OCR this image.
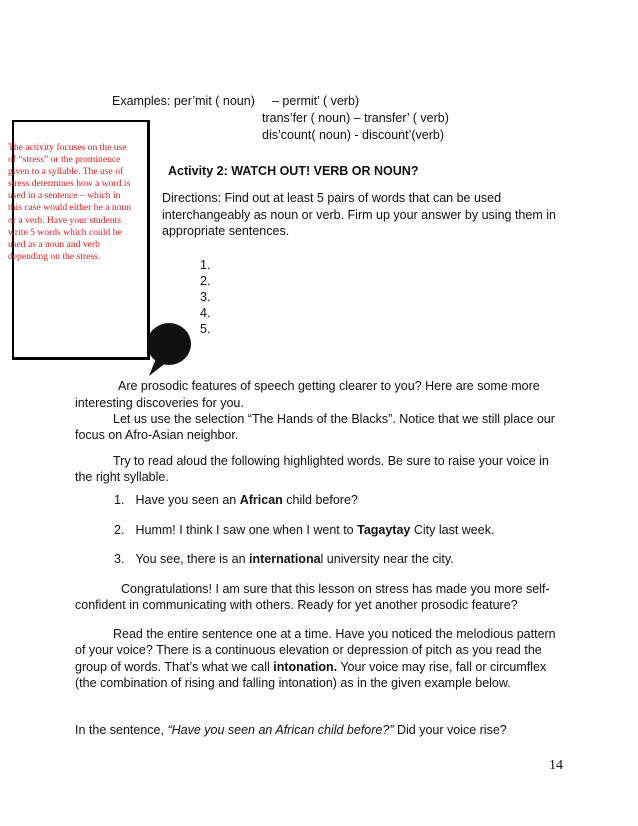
Examples: per’mit ( noun) – permit’ ( verb)
trans’fer ( noun) – transfer’ ( verb)
dis’count( noun) - discount’(verb)
The activity focuses on the use of “stress” or the prominence given to a syllable. The use of stress determines how a word is used in a sentence – which in this case would either be a noun or a verb. Have your students write 5 words which could be used as a noun and verb depending on the stress.
Activity 2: WATCH OUT! VERB OR NOUN?
Directions: Find out at least 5 pairs of words that can be used
interchangeably as noun or verb. Firm up your answer by using them in
appropriate sentences.
1.
2.
3.
4.
5.
Are prosodic features of speech getting clearer to you? Here are some more
interesting discoveries for you.
Let us use the selection “The Hands of the Blacks”. Notice that we still place our
focus on Afro-Asian neighbor.
Try to read aloud the following highlighted words. Be sure to raise your voice in
the right syllable.
1. Have you seen an African child before?
2. Humm! I think I saw one when I went to Tagaytay City last week.
3. You see, there is an international university near the city.
Congratulations! I am sure that this lesson on stress has made you more self-
confident in communicating with others. Ready for yet another prosodic feature?
Read the entire sentence one at a time. Have you noticed the melodious pattern
of your voice? There is a continuous elevation or depression of pitch as you read the
group of words. That’s what we call intonation. Your voice may rise, fall or circumflex
(the combination of rising and falling intonation) as in the given example below.
In the sentence, “Have you seen an African child before?” Did your voice rise?
14
